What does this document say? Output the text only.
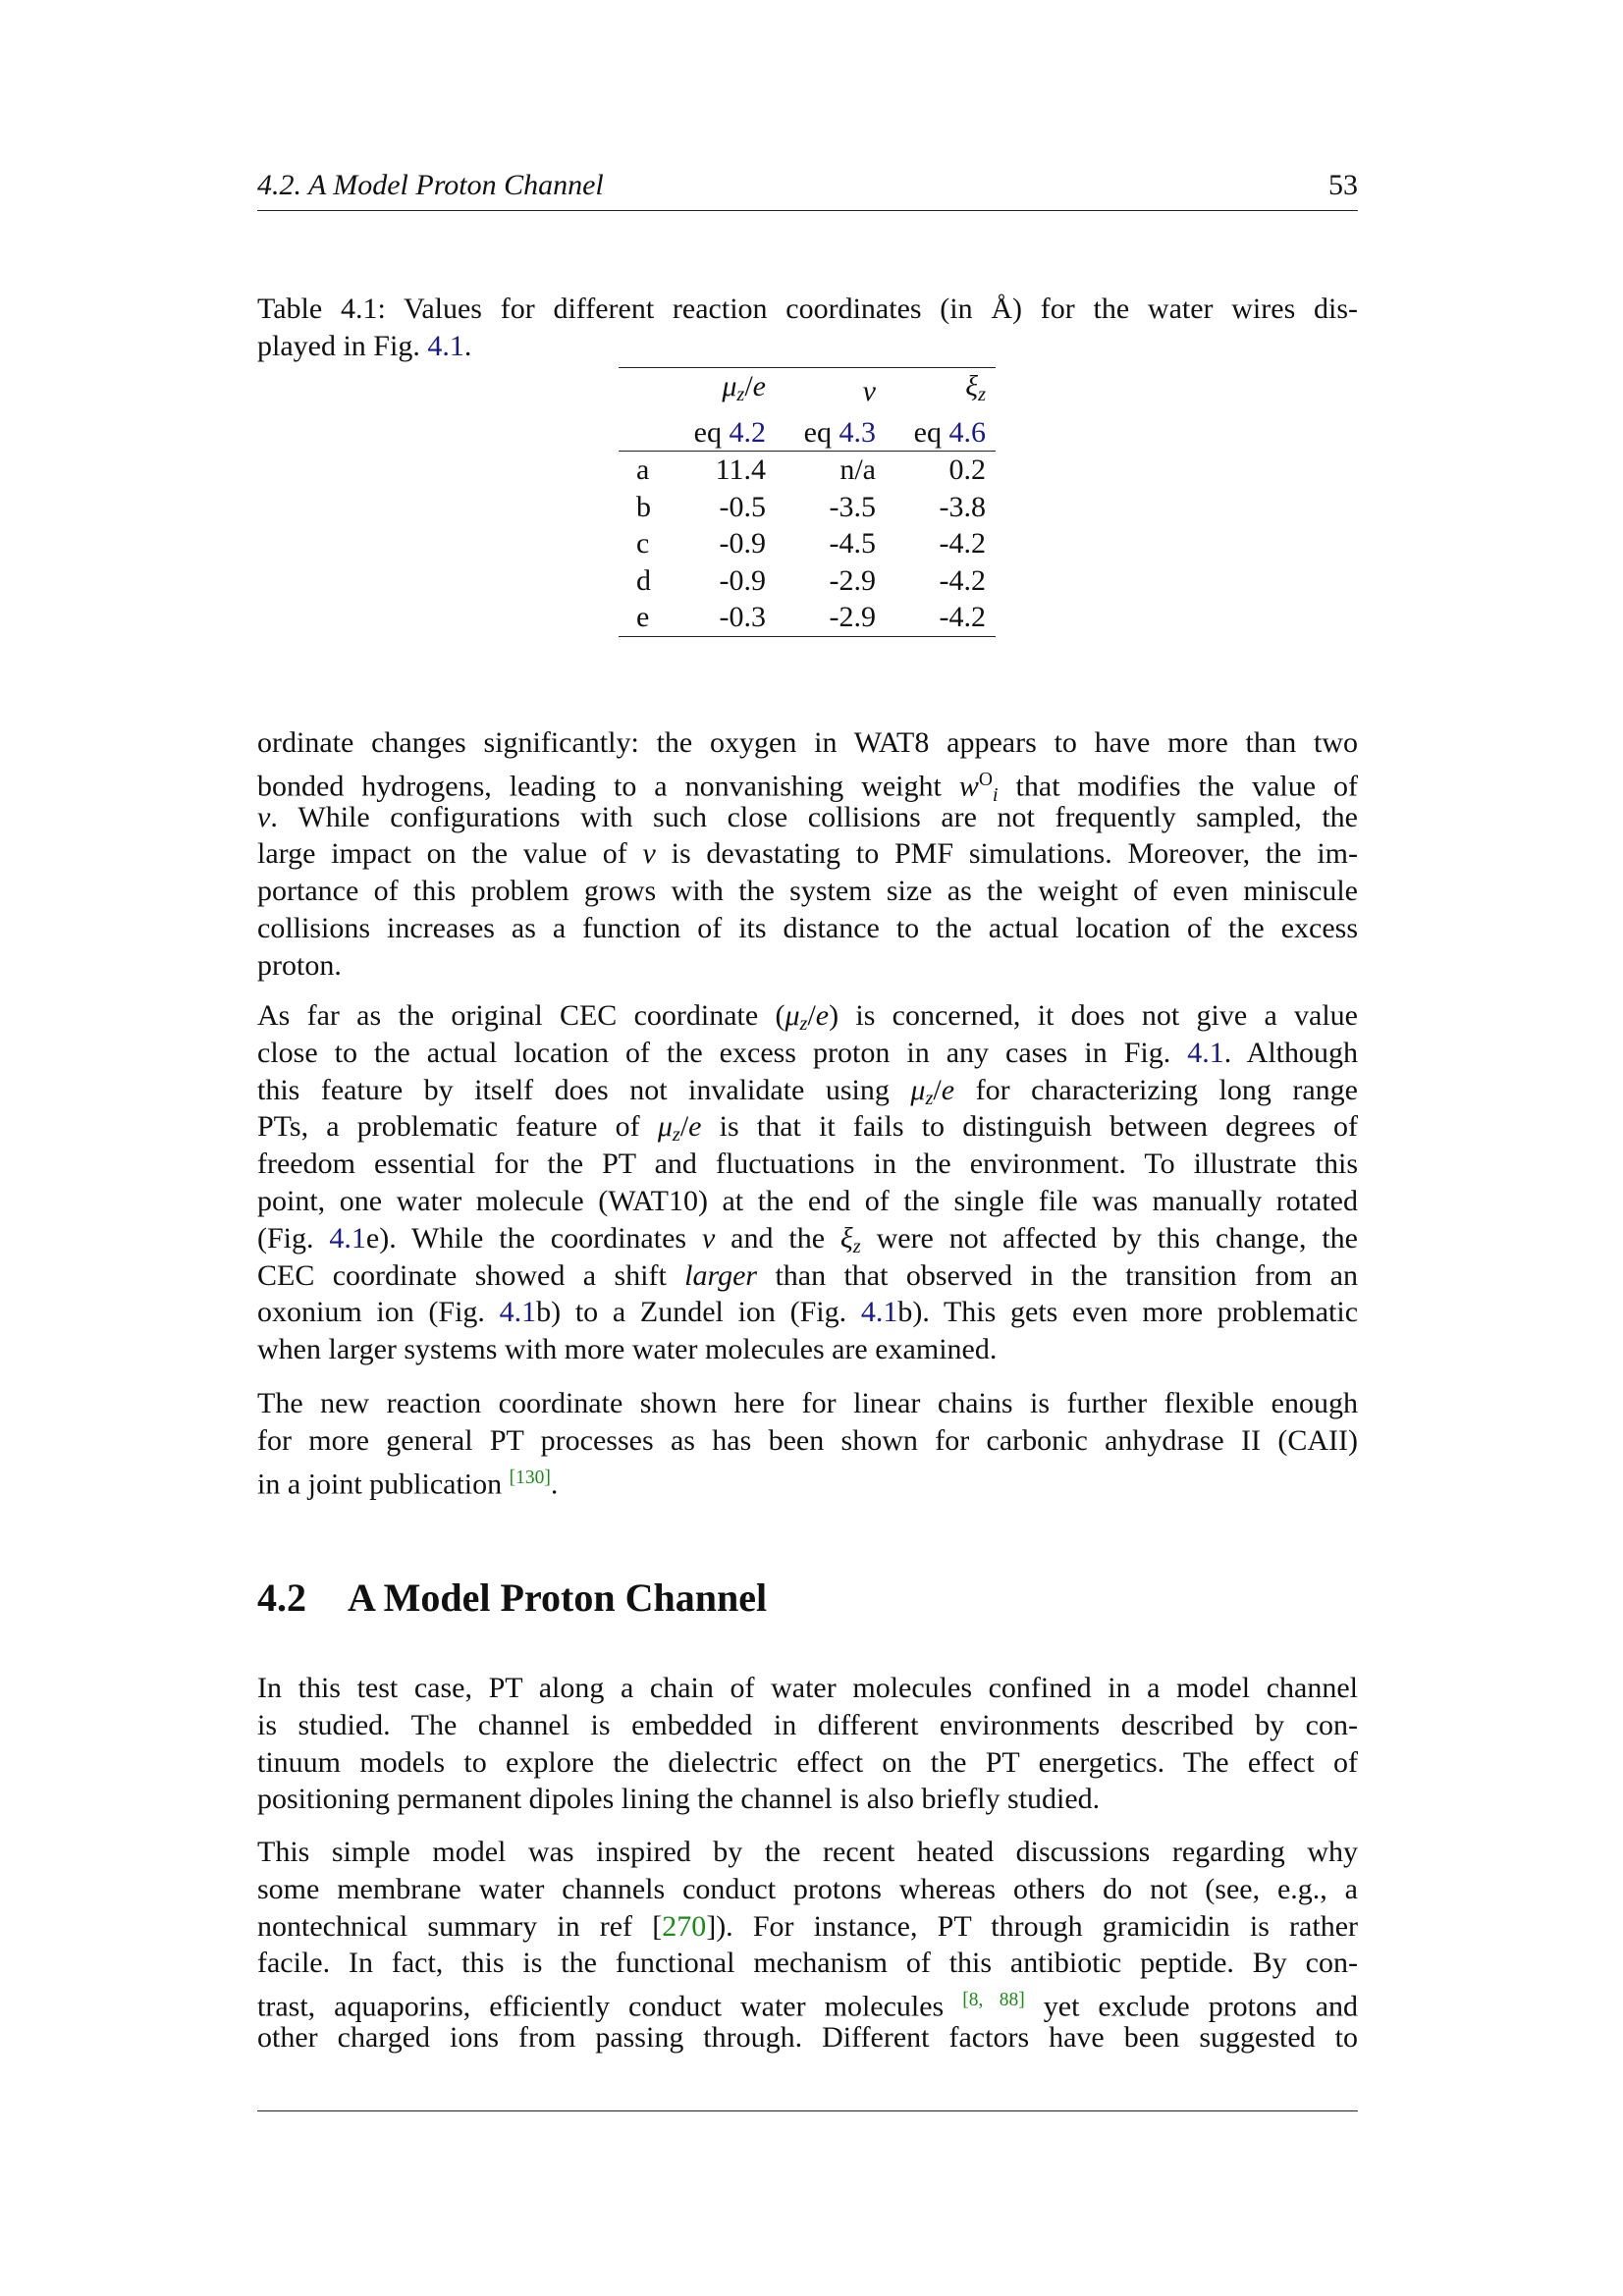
4.2. A Model Proton Channel	53
Table 4.1: Values for different reaction coordinates (in Å) for the water wires dis-
played in Fig. 4.1.
	$\mu_z/e$	ν	$\xi_z$
	eq 4.2	eq 4.3	eq 4.6
a	11.4	n/a	0.2
b	-0.5	-3.5	-3.8
c	-0.9	-4.5	-4.2
d	-0.9	-2.9	-4.2
e	-0.3	-2.9	-4.2
ordinate changes significantly: the oxygen in WAT8 appears to have more than two
bonded hydrogens, leading to a nonvanishing weight $w^O_i$ that modifies the value of
ν. While configurations with such close collisions are not frequently sampled, the
large impact on the value of ν is devastating to PMF simulations. Moreover, the im-
portance of this problem grows with the system size as the weight of even miniscule
collisions increases as a function of its distance to the actual location of the excess
proton.
As far as the original CEC coordinate $(\mu_z/e)$ is concerned, it does not give a value
close to the actual location of the excess proton in any cases in Fig. 4.1. Although
this feature by itself does not invalidate using $\mu_z/e$ for characterizing long range
PTs, a problematic feature of $\mu_z/e$ is that it fails to distinguish between degrees of
freedom essential for the PT and fluctuations in the environment. To illustrate this
point, one water molecule (WAT10) at the end of the single file was manually rotated
(Fig. 4.1e). While the coordinates ν and the $\xi_z$ were not affected by this change, the
CEC coordinate showed a shift larger than that observed in the transition from an
oxonium ion (Fig. 4.1b) to a Zundel ion (Fig. 4.1b). This gets even more problematic
when larger systems with more water molecules are examined.
The new reaction coordinate shown here for linear chains is further flexible enough
for more general PT processes as has been shown for carbonic anhydrase II (CAII)
in a joint publication [130].
4.2 A Model Proton Channel
In this test case, PT along a chain of water molecules confined in a model channel
is studied. The channel is embedded in different environments described by con-
tinuum models to explore the dielectric effect on the PT energetics. The effect of
positioning permanent dipoles lining the channel is also briefly studied.
This simple model was inspired by the recent heated discussions regarding why
some membrane water channels conduct protons whereas others do not (see, e.g., a
nontechnical summary in ref [270]). For instance, PT through gramicidin is rather
facile. In fact, this is the functional mechanism of this antibiotic peptide. By con-
trast, aquaporins, efficiently conduct water molecules [8, 88] yet exclude protons and
other charged ions from passing through. Different factors have been suggested to
